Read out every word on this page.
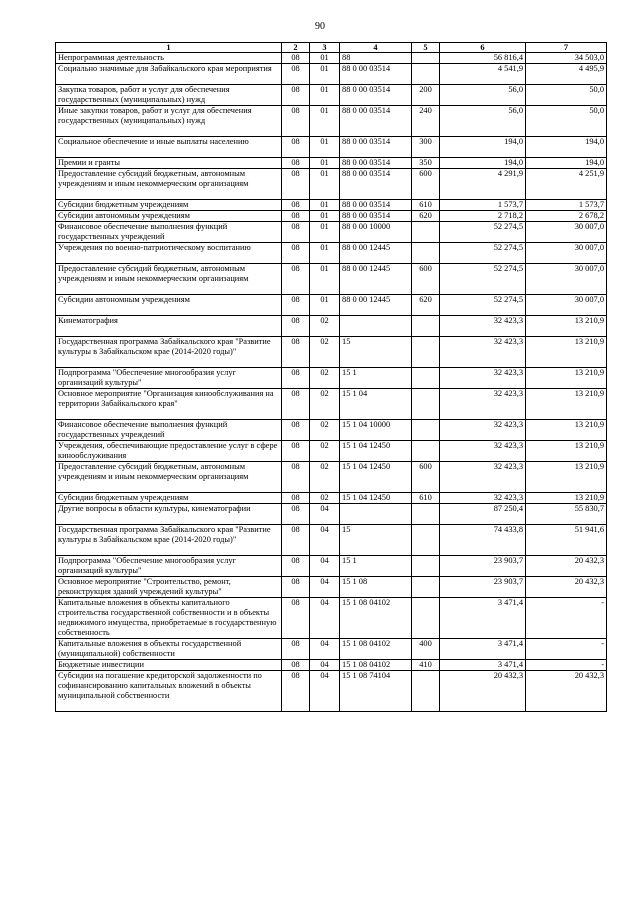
90
1	2	3	4	5	6	7
Непрограммная деятельность	08	01	88		56 816,4	34 503,0
Социально значимые для Забайкальского края мероприятия	08	01	88 0 00 03514		4 541,9	4 495,9
Закупка товаров, работ и услуг для обеспечения государственных (муниципальных) нужд	08	01	88 0 00 03514	200	56,0	50,0
Иные закупки товаров, работ и услуг для обеспечения государственных (муниципальных) нужд	08	01	88 0 00 03514	240	56,0	50,0
Социальное обеспечение и иные выплаты населению	08	01	88 0 00 03514	300	194,0	194,0
Премии и гранты	08	01	88 0 00 03514	350	194,0	194,0
Предоставление субсидий бюджетным, автономным учреждениям и иным некоммерческим организациям	08	01	88 0 00 03514	600	4 291,9	4 251,9
Субсидии бюджетным учреждениям	08	01	88 0 00 03514	610	1 573,7	1 573,7
Субсидии автономным учреждениям	08	01	88 0 00 03514	620	2 718,2	2 678,2
Финансовое обеспечение выполнения функций государственных учреждений	08	01	88 0 00 10000		52 274,5	30 007,0
Учреждения по военно-патриотическому воспитанию	08	01	88 0 00 12445		52 274,5	30 007,0
Предоставление субсидий бюджетным, автономным учреждениям и иным некоммерческим организациям	08	01	88 0 00 12445	600	52 274,5	30 007,0
Субсидии автономным учреждениям	08	01	88 0 00 12445	620	52 274,5	30 007,0
Кинематография	08	02			32 423,3	13 210,9
Государственная программа Забайкальского края "Развитие культуры в Забайкальском крае (2014-2020 годы)"	08	02	15		32 423,3	13 210,9
Подпрограмма "Обеспечение многообразия услуг организаций культуры"	08	02	15 1		32 423,3	13 210,9
Основное мероприятие "Организация кинообслуживания на территории Забайкальского края"	08	02	15 1 04		32 423,3	13 210,9
Финансовое обеспечение выполнения функций государственных учреждений	08	02	15 1 04 10000		32 423,3	13 210,9
Учреждения, обеспечивающие предоставление услуг в сфере кинообслуживания	08	02	15 1 04 12450		32 423,3	13 210,9
Предоставление субсидий бюджетным, автономным учреждениям и иным некоммерческим организациям	08	02	15 1 04 12450	600	32 423,3	13 210,9
Субсидии бюджетным учреждениям	08	02	15 1 04 12450	610	32 423,3	13 210,9
Другие вопросы в области культуры, кинематографии	08	04			87 250,4	55 830,7
Государственная программа Забайкальского края "Развитие культуры в Забайкальском крае (2014-2020 годы)"	08	04	15		74 433,8	51 941,6
Подпрограмма "Обеспечение многообразия услуг организаций культуры"	08	04	15 1		23 903,7	20 432,3
Основное мероприятие "Строительство, ремонт, реконструкция зданий учреждений культуры"	08	04	15 1 08		23 903,7	20 432,3
Капитальные вложения в объекты капитального строительства государственной собственности и в объекты недвижимого имущества, приобретаемые в государственную собственность	08	04	15 1 08 04102		3 471,4	-
Капитальные вложения в объекты государственной (муниципальной) собственности	08	04	15 1 08 04102	400	3 471,4	-
Бюджетные инвестиции	08	04	15 1 08 04102	410	3 471,4	-
Субсидии на погашение кредиторской задолженности по софинансированию капитальных вложений в объекты муниципальной собственности	08	04	15 1 08 74104		20 432,3	20 432,3
